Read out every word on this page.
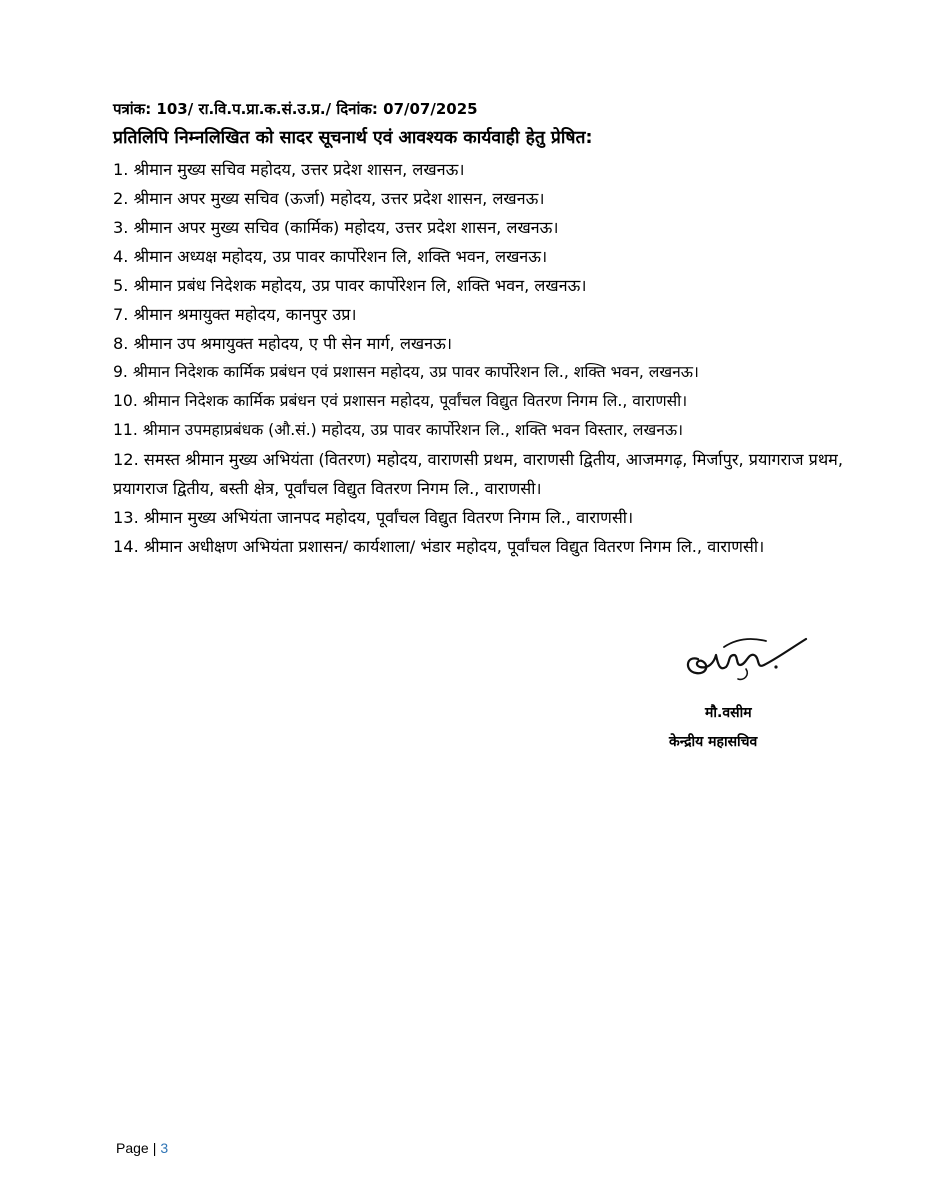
पत्रांक: 103/ रा.वि.प.प्रा.क.सं.उ.प्र./ दिनांक: 07/07/2025
प्रतिलिपि निम्नलिखित को सादर सूचनार्थ एवं आवश्यक कार्यवाही हेतु प्रेषित:
1. श्रीमान मुख्य सचिव महोदय, उत्तर प्रदेश शासन, लखनऊ।
2. श्रीमान अपर मुख्य सचिव (ऊर्जा) महोदय, उत्तर प्रदेश शासन, लखनऊ।
3. श्रीमान अपर मुख्य सचिव (कार्मिक) महोदय, उत्तर प्रदेश शासन, लखनऊ।
4. श्रीमान अध्यक्ष महोदय, उप्र पावर कार्पोरेशन लि, शक्ति भवन, लखनऊ।
5. श्रीमान प्रबंध निदेशक महोदय, उप्र पावर कार्पोरेशन लि, शक्ति भवन, लखनऊ।
7. श्रीमान श्रमायुक्त महोदय, कानपुर उप्र।
8. श्रीमान उप श्रमायुक्त महोदय, ए पी सेन मार्ग, लखनऊ।
9. श्रीमान निदेशक कार्मिक प्रबंधन एवं प्रशासन महोदय, उप्र पावर कार्पोरेशन लि., शक्ति भवन, लखनऊ।
10. श्रीमान निदेशक कार्मिक प्रबंधन एवं प्रशासन महोदय, पूर्वांचल विद्युत वितरण निगम लि., वाराणसी।
11. श्रीमान उपमहाप्रबंधक (औ.सं.) महोदय, उप्र पावर कार्पोरेशन लि., शक्ति भवन विस्तार, लखनऊ।
12. समस्त श्रीमान मुख्य अभियंता (वितरण) महोदय, वाराणसी प्रथम, वाराणसी द्वितीय, आजमगढ़, मिर्जापुर, प्रयागराज प्रथम, प्रयागराज द्वितीय, बस्ती क्षेत्र, पूर्वांचल विद्युत वितरण निगम लि., वाराणसी।
13. श्रीमान मुख्य अभियंता जानपद महोदय, पूर्वांचल विद्युत वितरण निगम लि., वाराणसी।
14. श्रीमान अधीक्षण अभियंता प्रशासन/ कार्यशाला/ भंडार महोदय, पूर्वांचल विद्युत वितरण निगम लि., वाराणसी।
मौ.वसीम
केन्द्रीय महासचिव
Page | 3
